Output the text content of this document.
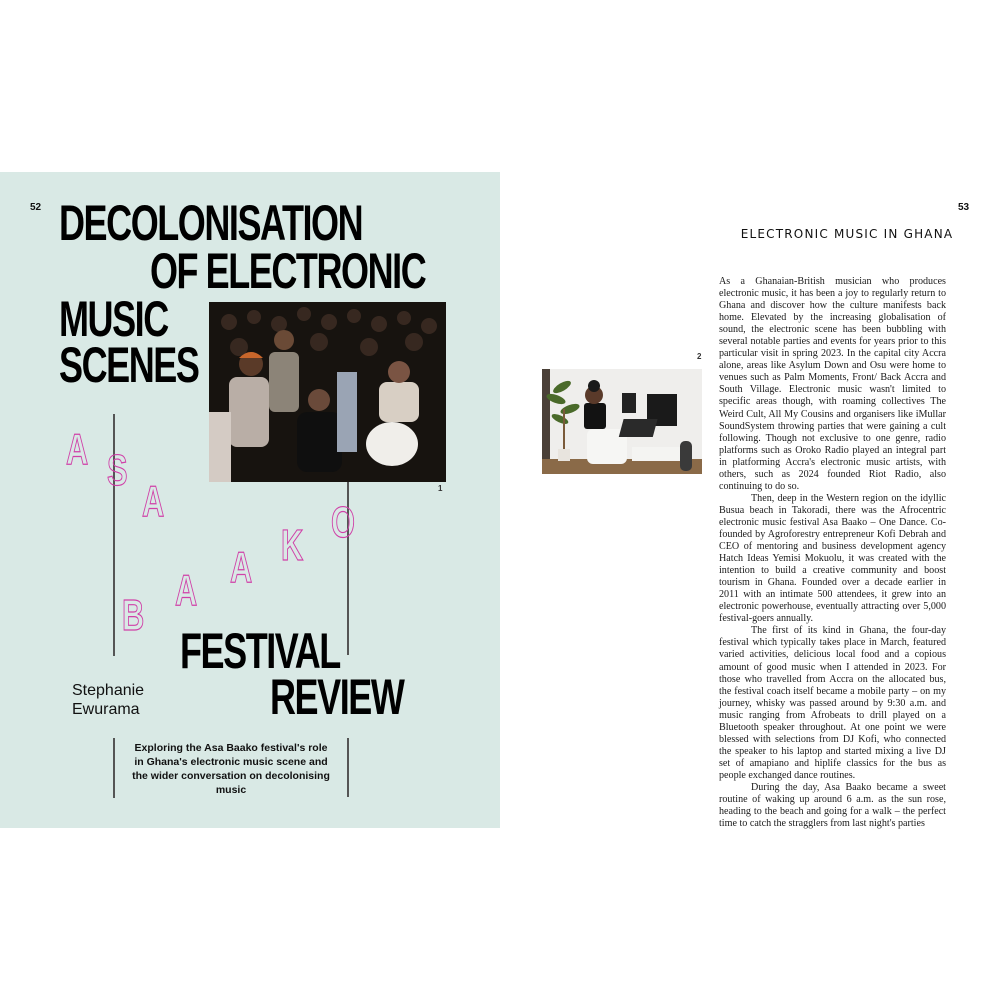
52 DECOLONISATION
OF ELECTRONIC
MUSIC
SCENES
1
A S
A
B
A A K O
FESTIVAL
REVIEW
Stephanie
Ewurama
Exploring the Asa Baako festival's role in Ghana's electronic music scene and the wider conversation on decolonising music
53
ELECTRONIC MUSIC IN GHANA
2

As a Ghanaian-British musician who produces electronic music, it has been a joy to regularly return to Ghana and discover how the culture manifests back home. Elevated by the increasing globalisation of sound, the electronic scene has been bubbling with several notable parties and events for years prior to this particular visit in spring 2023. In the capital city Accra alone, areas like Asylum Down and Osu were home to venues such as Palm Moments, Front/ Back Accra and South Village. Electronic music wasn't limited to specific areas though, with roaming collectives The Weird Cult, All My Cousins and organisers like iMullar SoundSystem throwing parties that were gaining a cult following. Though not exclusive to one genre, radio platforms such as Oroko Radio played an integral part in platforming Accra's electronic music artists, with others, such as 2024 founded Riot Radio, also continuing to do so.

Then, deep in the Western region on the idyllic Busua beach in Takoradi, there was the Afrocentric electronic music festival Asa Baako – One Dance. Co-founded by Agroforestry entrepreneur Kofi Debrah and CEO of mentoring and business development agency Hatch Ideas Yemisi Mokuolu, it was created with the intention to build a creative community and boost tourism in Ghana. Founded over a decade earlier in 2011 with an intimate 500 attendees, it grew into an electronic powerhouse, eventually attracting over 5,000 festival-goers annually.

The first of its kind in Ghana, the four-day festival which typically takes place in March, featured varied activities, delicious local food and a copious amount of good music when I attended in 2023. For those who travelled from Accra on the allocated bus, the festival coach itself became a mobile party – on my journey, whisky was passed around by 9:30 a.m. and music ranging from Afrobeats to drill played on a Bluetooth speaker throughout. At one point we were blessed with selections from DJ Kofi, who connected the speaker to his laptop and started mixing a live DJ set of amapiano and hiplife classics for the bus as people exchanged dance routines.

During the day, Asa Baako became a sweet routine of waking up around 6 a.m. as the sun rose, heading to the beach and going for a walk – the perfect time to catch the stragglers from last night's parties
